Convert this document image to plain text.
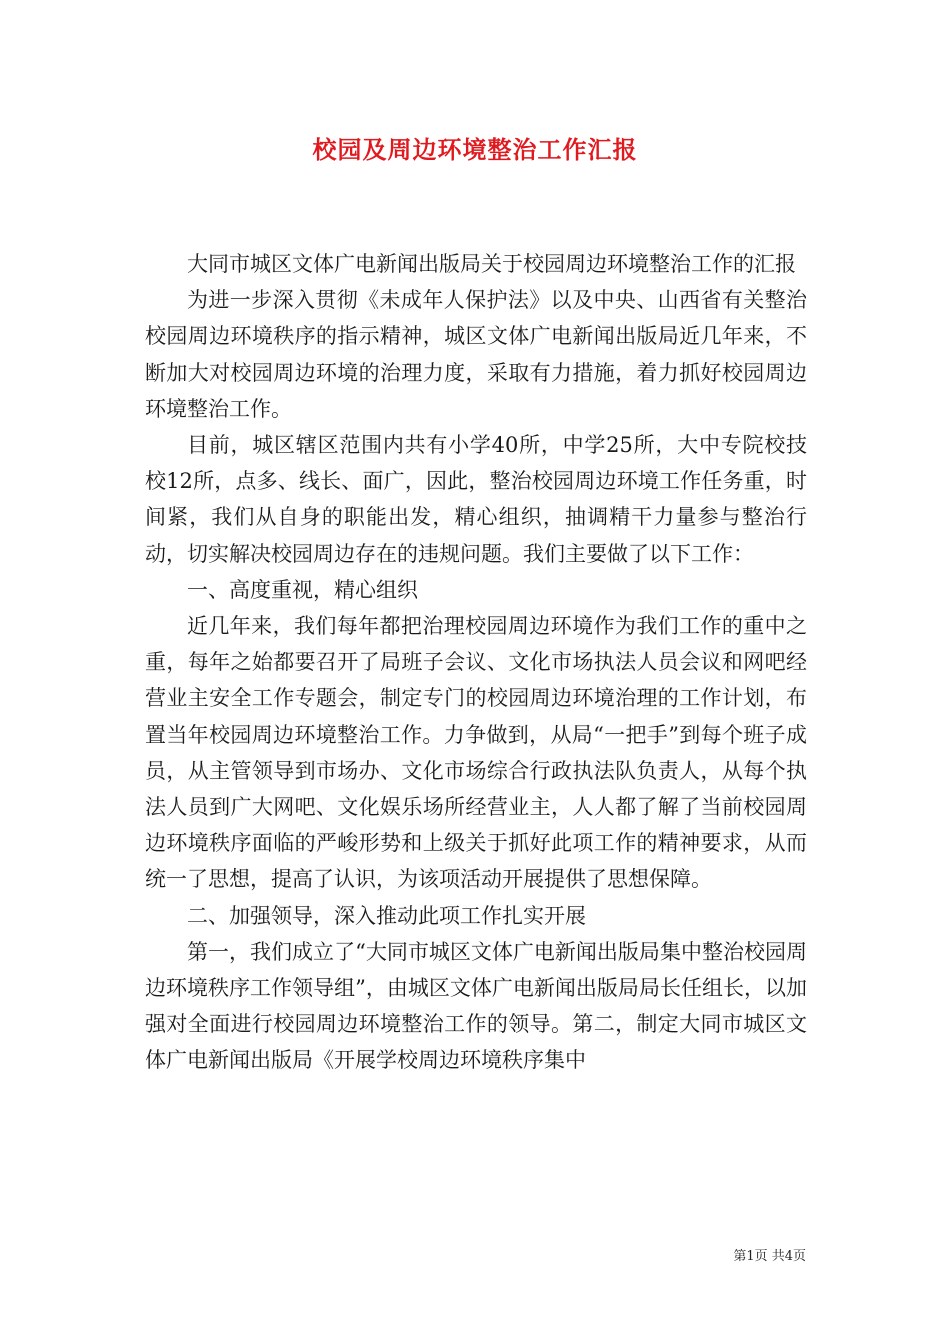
校园及周边环境整治工作汇报

大同市城区文体广电新闻出版局关于校园周边环境整治工作的汇报

为进一步深入贯彻《未成年人保护法》以及中央、山西省有关整治校园周边环境秩序的指示精神，城区文体广电新闻出版局近几年来，不断加大对校园周边环境的治理力度，采取有力措施，着力抓好校园周边环境整治工作。

目前，城区辖区范围内共有小学40所，中学25所，大中专院校技校12所，点多、线长、面广，因此，整治校园周边环境工作任务重，时间紧，我们从自身的职能出发，精心组织，抽调精干力量参与整治行动，切实解决校园周边存在的违规问题。我们主要做了以下工作：

一、高度重视，精心组织

近几年来，我们每年都把治理校园周边环境作为我们工作的重中之重，每年之始都要召开了局班子会议、文化市场执法人员会议和网吧经营业主安全工作专题会，制定专门的校园周边环境治理的工作计划，布置当年校园周边环境整治工作。力争做到，从局“一把手”到每个班子成员，从主管领导到市场办、文化市场综合行政执法队负责人，从每个执法人员到广大网吧、文化娱乐场所经营业主，人人都了解了当前校园周边环境秩序面临的严峻形势和上级关于抓好此项工作的精神要求，从而统一了思想，提高了认识，为该项活动开展提供了思想保障。

二、加强领导，深入推动此项工作扎实开展

第一，我们成立了“大同市城区文体广电新闻出版局集中整治校园周边环境秩序工作领导组”，由城区文体广电新闻出版局局长任组长，以加强对全面进行校园周边环境整治工作的领导。第二，制定大同市城区文体广电新闻出版局《开展学校周边环境秩序集中

第1页 共4页
